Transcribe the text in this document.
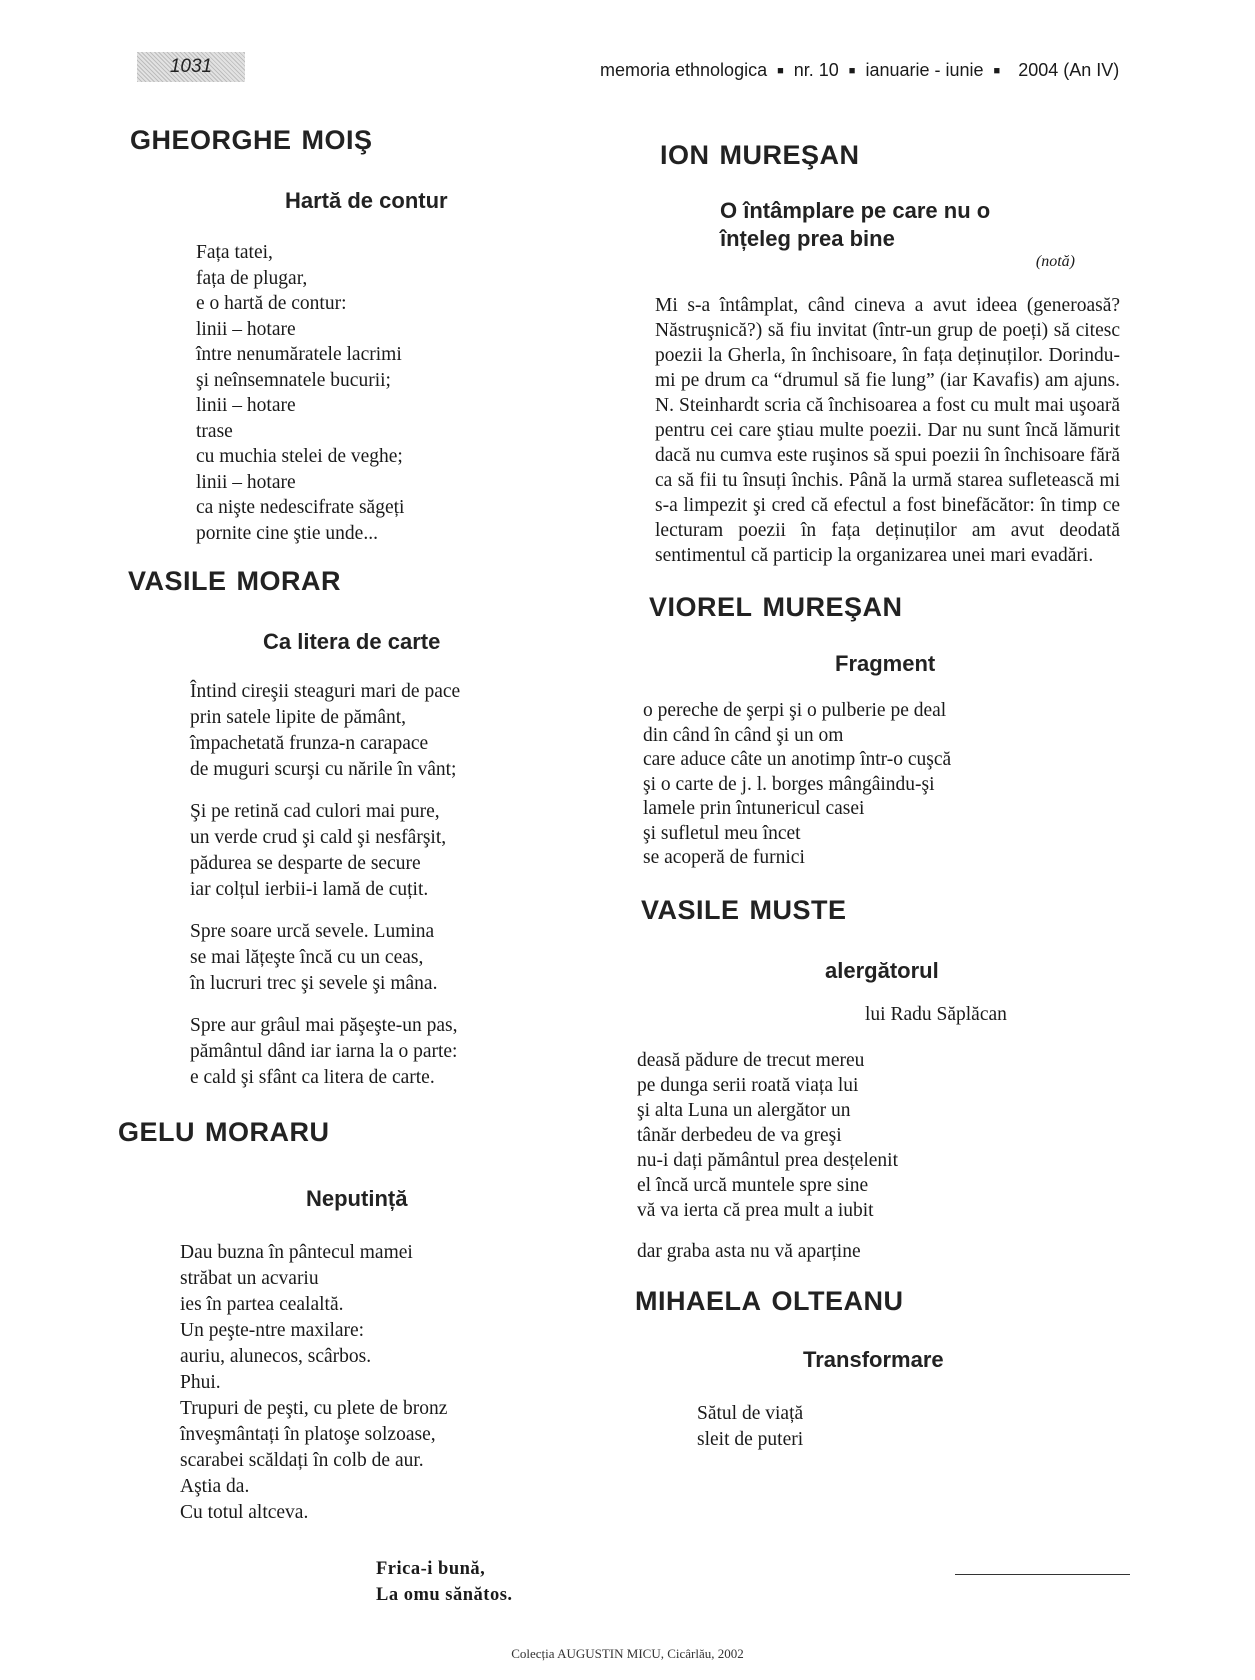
1031	memoria ethnologica ■ nr. 10 ■ ianuarie - iunie ■ 2004 (An IV)
GHEORGHE MOIŞ
Hartă de contur
Fața tatei,
fața de plugar,
e o hartă de contur:
linii – hotare
între nenumăratele lacrimi
şi neînsemnatele bucurii;
linii – hotare
trase
cu muchia stelei de veghe;
linii – hotare
ca nişte nedescifrate săgeți
pornite cine ştie unde...
VASILE MORAR
Ca litera de carte
Întind cireşii steaguri mari de pace
prin satele lipite de pământ,
împachetată frunza-n carapace
de muguri scurşi cu nările în vânt;
Şi pe retină cad culori mai pure,
un verde crud şi cald şi nesfârşit,
pădurea se desparte de secure
iar colțul ierbii-i lamă de cuțit.
Spre soare urcă sevele. Lumina
se mai lățeşte încă cu un ceas,
în lucruri trec şi sevele şi mâna.
Spre aur grâul mai păşeşte-un pas,
pământul dând iar iarna la o parte:
e cald şi sfânt ca litera de carte.
GELU MORARU
Neputință
Dau buzna în pântecul mamei
străbat un acvariu
ies în partea cealaltă.
Un peşte-ntre maxilare:
auriu, alunecos, scârbos.
Phui.
Trupuri de peşti, cu plete de bronz
înveşmântați în platoşe solzoase,
scarabei scăldați în colb de aur.
Aştia da.
Cu totul altceva.
Frica-i bună,
La omu sănătos.
ION MUREŞAN
O întâmplare pe care nu o
înțeleg prea bine
(notă)

Mi s-a întâmplat, când cineva a avut ideea (generoasă? Năstruşnică?) să fiu invitat (într-un grup de poeți) să citesc poezii la Gherla, în închisoare, în fața deținuților. Dorindu-mi pe drum ca “drumul să fie lung” (iar Kavafis) am ajuns. N. Steinhardt scria că închisoarea a fost cu mult mai uşoară pentru cei care ştiau multe poezii. Dar nu sunt încă lămurit dacă nu cumva este ruşinos să spui poezii în închisoare fără ca să fii tu însuți închis. Până la urmă starea sufletească mi s-a limpezit şi cred că efectul a fost binefăcător: în timp ce lecturam poezii în fața deținuților am avut deodată sentimentul că particip la organizarea unei mari evadări.

VIOREL MUREŞAN
Fragment
o pereche de şerpi şi o pulberie pe deal
din când în când şi un om
care aduce câte un anotimp într-o cuşcă
şi o carte de j. l. borges mângâindu-şi
lamele prin întunericul casei
şi sufletul meu încet
se acoperă de furnici
VASILE MUSTE
alergătorul
lui Radu Săplăcan
deasă pădure de trecut mereu
pe dunga serii roată viața lui
şi alta Luna un alergător un
tânăr derbedeu de va greşi
nu-i dați pământul prea desțelenit
el încă urcă muntele spre sine
vă va ierta că prea mult a iubit
dar graba asta nu vă aparține
MIHAELA OLTEANU
Transformare
Sătul de viață
sleit de puteri
Colecția AUGUSTIN MICU, Cicârlău, 2002
